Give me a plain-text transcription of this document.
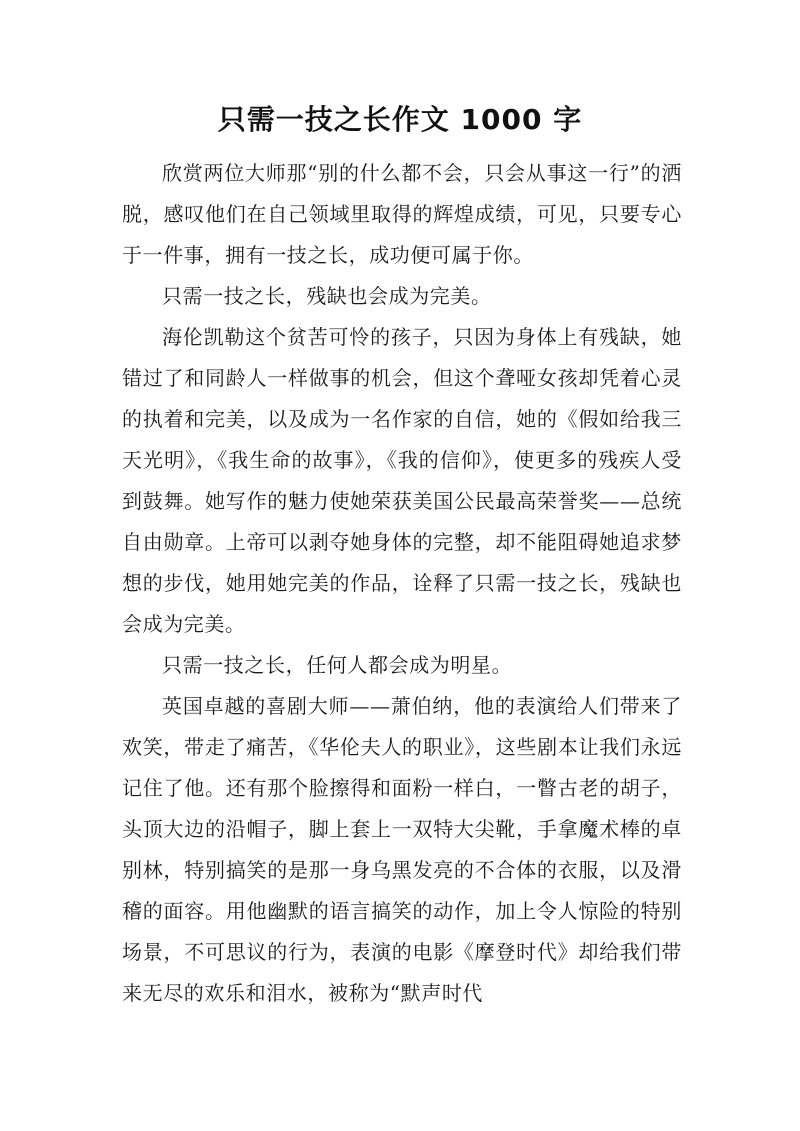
只需一技之长作文 1000 字

欣赏两位大师那“别的什么都不会，只会从事这一行”的洒脱，感叹他们在自己领域里取得的辉煌成绩，可见，只要专心于一件事，拥有一技之长，成功便可属于你。

只需一技之长，残缺也会成为完美。

海伦凯勒这个贫苦可怜的孩子，只因为身体上有残缺，她错过了和同龄人一样做事的机会，但这个聋哑女孩却凭着心灵的执着和完美，以及成为一名作家的自信，她的《假如给我三天光明》，《我生命的故事》，《我的信仰》，使更多的残疾人受到鼓舞。她写作的魅力使她荣获美国公民最高荣誉奖——总统自由勋章。上帝可以剥夺她身体的完整，却不能阻碍她追求梦想的步伐，她用她完美的作品，诠释了只需一技之长，残缺也会成为完美。

只需一技之长，任何人都会成为明星。

英国卓越的喜剧大师——萧伯纳，他的表演给人们带来了欢笑，带走了痛苦，《华伦夫人的职业》，这些剧本让我们永远记住了他。还有那个脸擦得和面粉一样白，一瞥古老的胡子，头顶大边的沿帽子，脚上套上一双特大尖靴，手拿魔术棒的卓别林，特别搞笑的是那一身乌黑发亮的不合体的衣服，以及滑稽的面容。用他幽默的语言搞笑的动作，加上令人惊险的特别场景，不可思议的行为，表演的电影《摩登时代》却给我们带来无尽的欢乐和泪水，被称为“默声时代
